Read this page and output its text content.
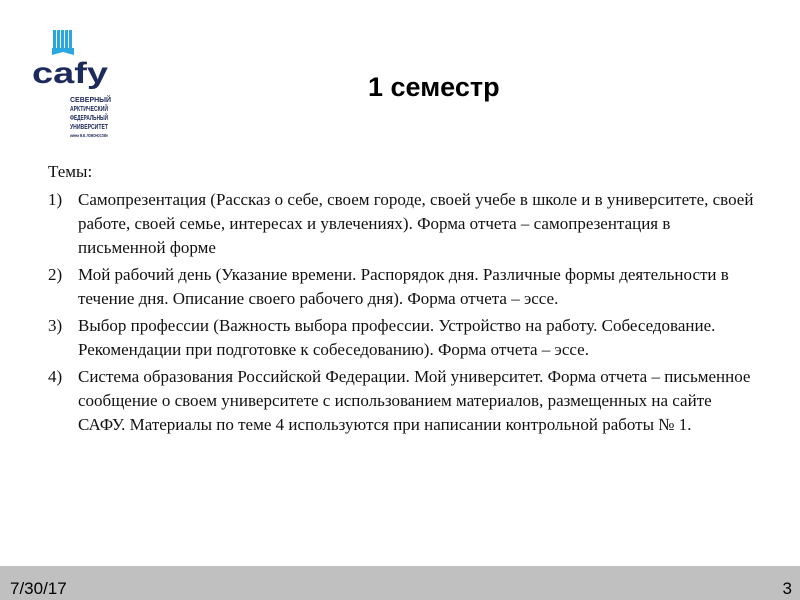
cafy
СЕВЕРНЫЙ
АРКТИЧЕСКИЙ
ФЕДЕРАЛЬНЫЙ
УНИВЕРСИТЕТ
имени М.В. ЛОМОНОСОВА
1 семестр
Темы:
1) Самопрезентация (Рассказ о себе, своем городе, своей учебе в школе и в университете, своей работе, своей семье, интересах и увлечениях). Форма отчета – самопрезентация в письменной форме
2) Мой рабочий день (Указание времени. Распорядок дня. Различные формы деятельности в течение дня. Описание своего рабочего дня). Форма отчета – эссе.
3) Выбор профессии (Важность выбора профессии. Устройство на работу. Собеседование. Рекомендации при подготовке к собеседованию). Форма отчета – эссе.
4) Система образования Российской Федерации. Мой университет. Форма отчета – письменное сообщение о своем университете с использованием материалов, размещенных на сайте САФУ. Материалы по теме 4 используются при написании контрольной работы № 1.
7/30/17	3
